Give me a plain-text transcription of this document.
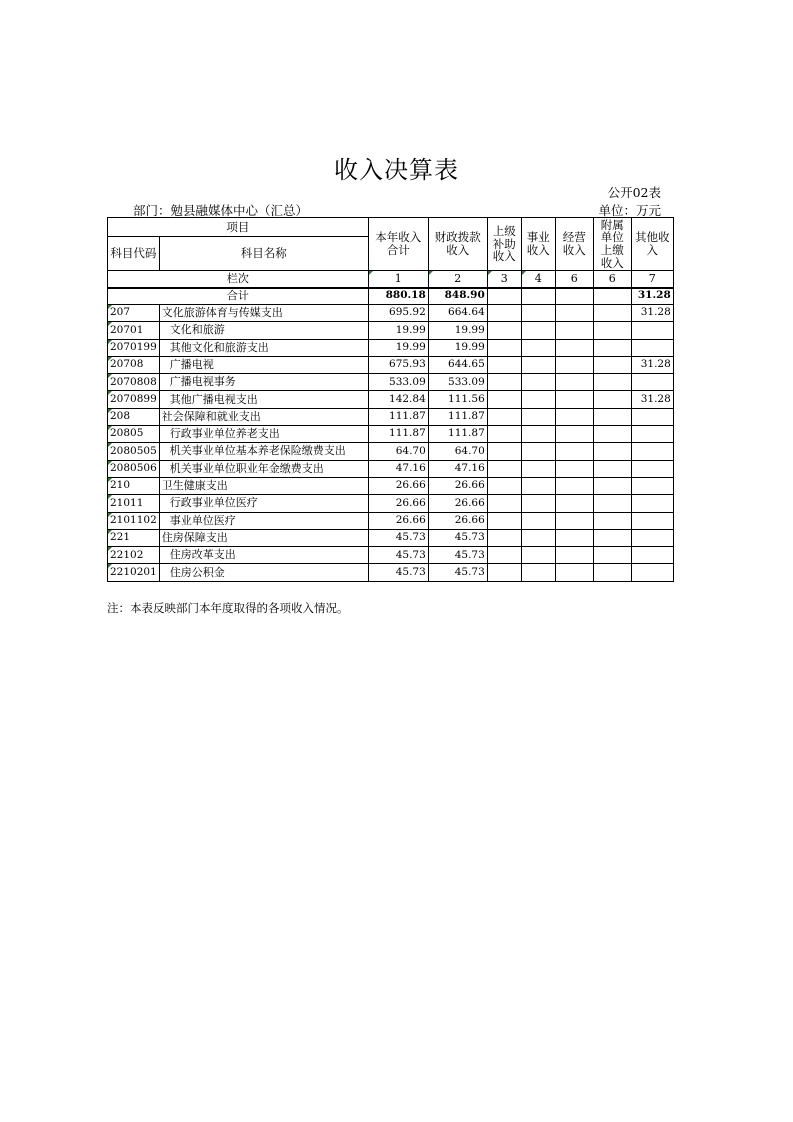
收入决算表
公开02表
部门：勉县融媒体中心（汇总）	单位：万元
项目		本年收入合计	财政拨款收入	上级补助收入	事业收入	经营收入	附属单位上缴收入	其他收入
科目代码	科目名称							
栏次		1	2	3	4	6	6	7
合计		880.18	848.90					31.28
207	文化旅游体育与传媒支出	695.92	664.64					31.28
20701	文化和旅游	19.99	19.99					
2070199	其他文化和旅游支出	19.99	19.99					
20708	广播电视	675.93	644.65					31.28
2070808	广播电视事务	533.09	533.09					
2070899	其他广播电视支出	142.84	111.56					31.28
208	社会保障和就业支出	111.87	111.87					
20805	行政事业单位养老支出	111.87	111.87					
2080505	机关事业单位基本养老保险缴费支出	64.70	64.70					
2080506	机关事业单位职业年金缴费支出	47.16	47.16					
210	卫生健康支出	26.66	26.66					
21011	行政事业单位医疗	26.66	26.66					
2101102	事业单位医疗	26.66	26.66					
221	住房保障支出	45.73	45.73					
22102	住房改革支出	45.73	45.73					
2210201	住房公积金	45.73	45.73					
注：本表反映部门本年度取得的各项收入情况。
